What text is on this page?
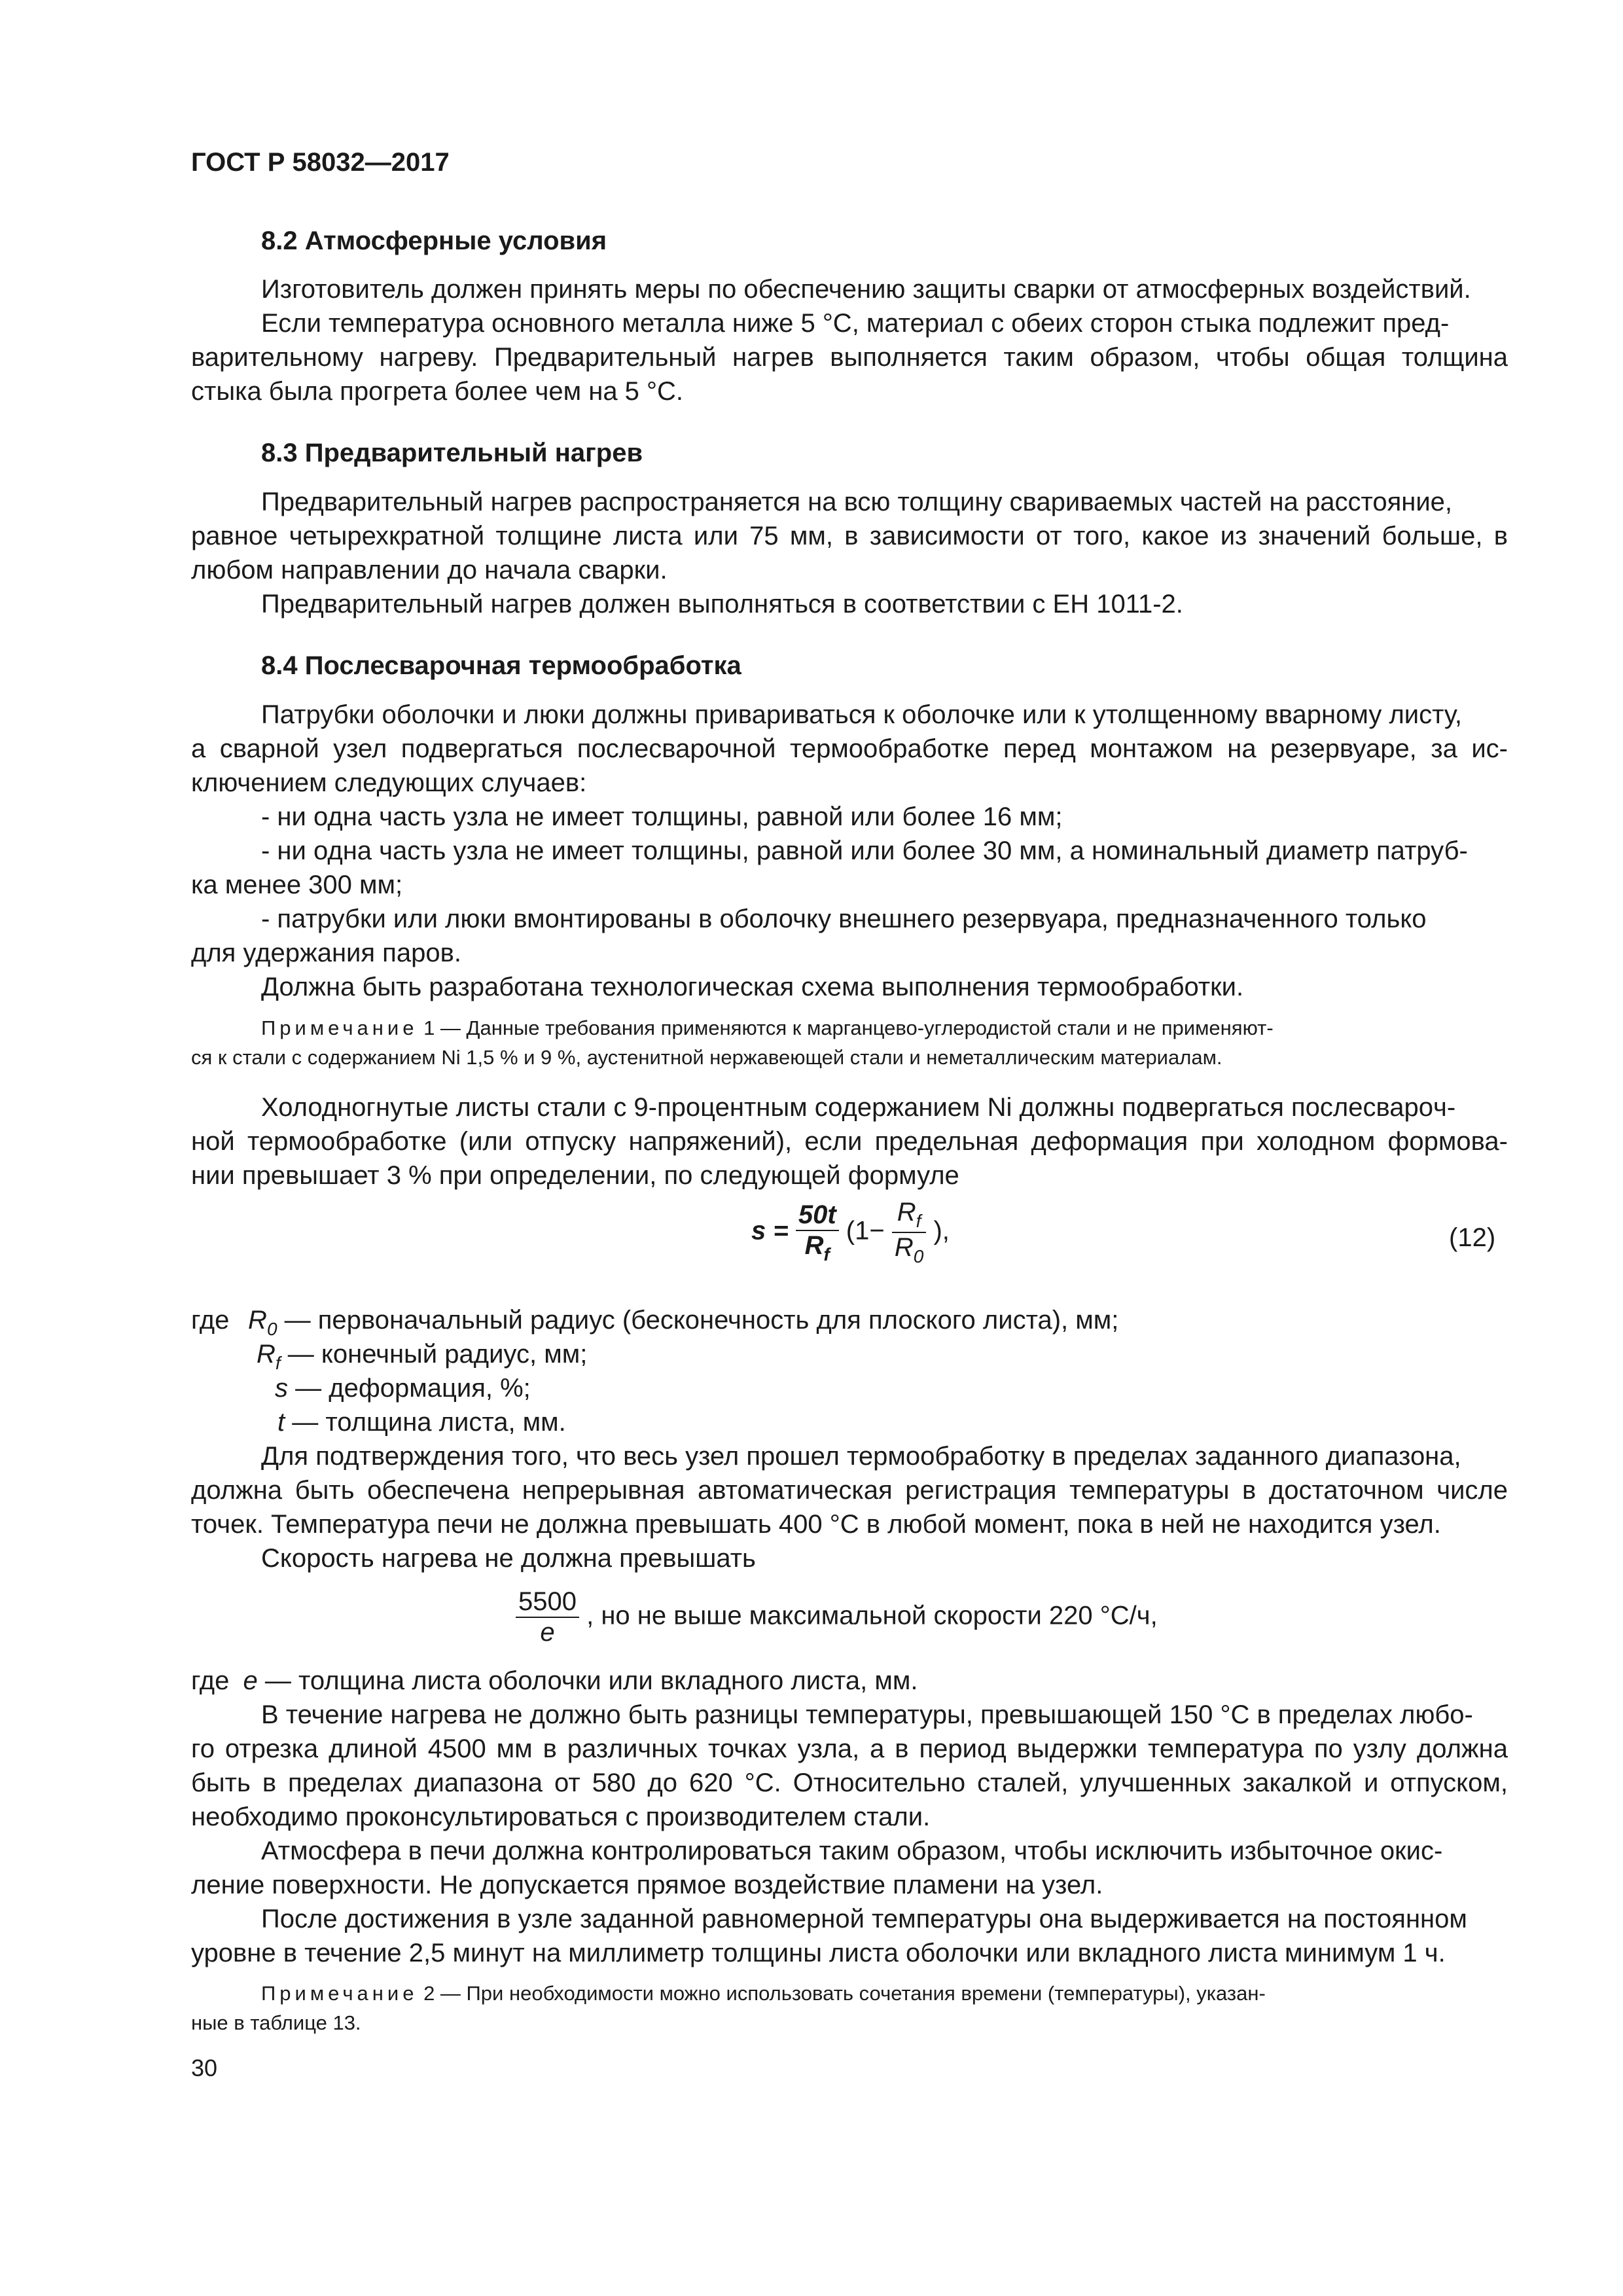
ГОСТ Р 58032—2017
8.2 Атмосферные условия
Изготовитель должен принять меры по обеспечению защиты сварки от атмосферных воздействий.
Если температура основного металла ниже 5 °С, материал с обеих сторон стыка подлежит пред-
варительному нагреву. Предварительный нагрев выполняется таким образом, чтобы общая толщина
стыка была прогрета более чем на 5 °С.
8.3 Предварительный нагрев
Предварительный нагрев распространяется на всю толщину свариваемых частей на расстояние,
равное четырехкратной толщине листа или 75 мм, в зависимости от того, какое из значений больше, в
любом направлении до начала сварки.
Предварительный нагрев должен выполняться в соответствии с ЕН 1011-2.
8.4 Послесварочная термообработка
Патрубки оболочки и люки должны привариваться к оболочке или к утолщенному вварному листу,
а сварной узел подвергаться послесварочной термообработке перед монтажом на резервуаре, за ис-
ключением следующих случаев:
- ни одна часть узла не имеет толщины, равной или более 16 мм;
- ни одна часть узла не имеет толщины, равной или более 30 мм, а номинальный диаметр патруб-
ка менее 300 мм;
- патрубки или люки вмонтированы в оболочку внешнего резервуара, предназначенного только
для удержания паров.
Должна быть разработана технологическая схема выполнения термообработки.
Примечание 1 — Данные требования применяются к марганцево-углеродистой стали и не применяют-
ся к стали с содержанием Ni 1,5 % и 9 %, аустенитной нержавеющей стали и неметаллическим материалам.
Холодногнутые листы стали с 9-процентным содержанием Ni должны подвергаться послесварoч-
ной термообработке (или отпуску напряжений), если предельная деформация при холодном формова-
нии превышает 3 % при определении, по следующей формуле
$s = \frac{50t}{R_f} (1- \frac{R_f}{R_0}$ ),	(12)
где $R_0$ — первоначальный радиус (бесконечность для плоского листа), мм;
$R_f$ — конечный радиус, мм;
s — деформация, %;
t — толщина листа, мм.
Для подтверждения того, что весь узел прошел термообработку в пределах заданного диапазона,
должна быть обеспечена непрерывная автоматическая регистрация температуры в достаточном числе
точек. Температура печи не должна превышать 400 °С в любой момент, пока в ней не находится узел.
Скорость нагрева не должна превышать
$\frac{5500}{e}$ , но не выше максимальной скорости 220 °С/ч,
где e — толщина листа оболочки или вкладного листа, мм.
В течение нагрева не должно быть разницы температуры, превышающей 150 °С в пределах любо-
го отрезка длиной 4500 мм в различных точках узла, а в период выдержки температура по узлу должна
быть в пределах диапазона от 580 до 620 °С. Относительно сталей, улучшенных закалкой и отпуском,
необходимо проконсультироваться с производителем стали.
Атмосфера в печи должна контролироваться таким образом, чтобы исключить избыточное окис-
ление поверхности. Не допускается прямое воздействие пламени на узел.
После достижения в узле заданной равномерной температуры она выдерживается на постоянном
уровне в течение 2,5 минут на миллиметр толщины листа оболочки или вкладного листа минимум 1 ч.
Примечание 2 — При необходимости можно использовать сочетания времени (температуры), указан-
ные в таблице 13.
30
